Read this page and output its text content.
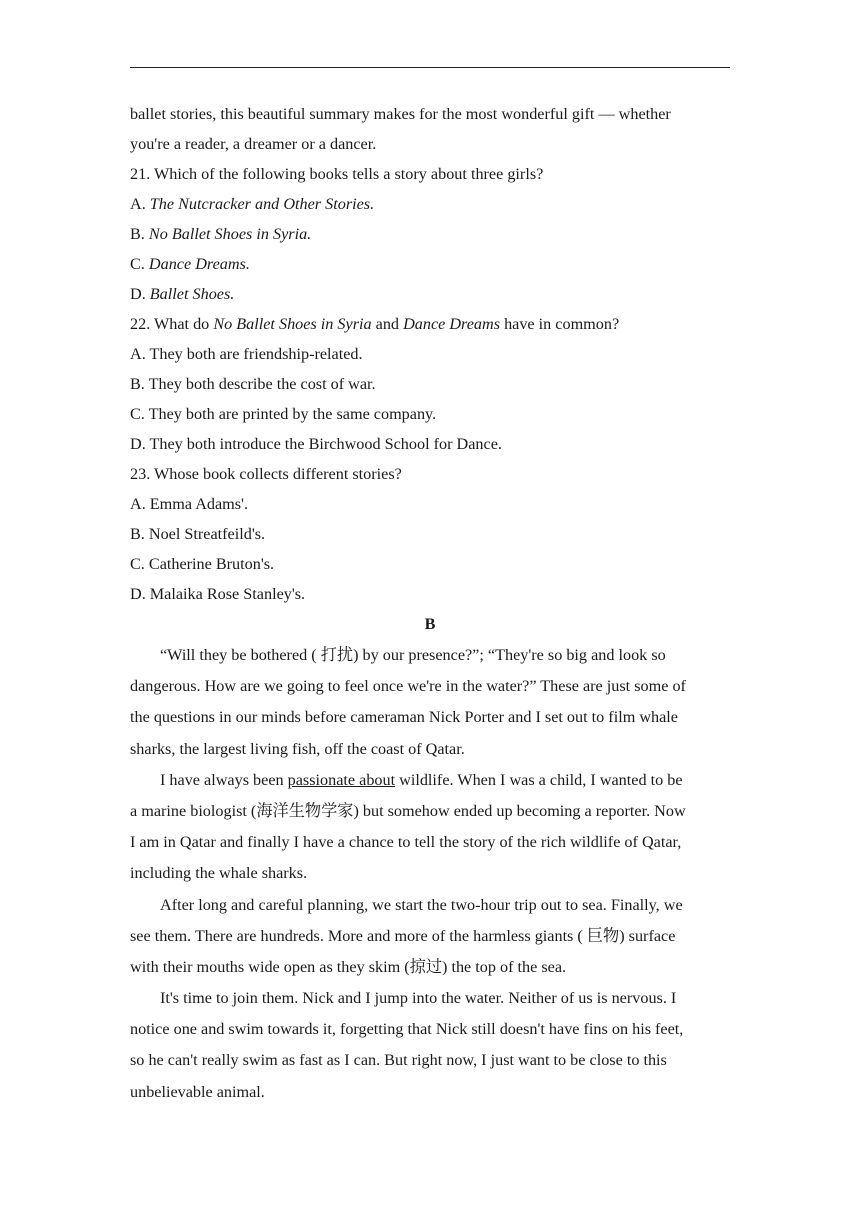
ballet stories, this beautiful summary makes for the most wonderful gift — whether
you're a reader, a dreamer or a dancer.
21. Which of the following books tells a story about three girls?
A. The Nutcracker and Other Stories.
B. No Ballet Shoes in Syria.
C. Dance Dreams.
D. Ballet Shoes.
22. What do No Ballet Shoes in Syria and Dance Dreams have in common?
A. They both are friendship-related.
B. They both describe the cost of war.
C. They both are printed by the same company.
D. They both introduce the Birchwood School for Dance.
23. Whose book collects different stories?
A. Emma Adams'.
B. Noel Streatfeild's.
C. Catherine Bruton's.
D. Malaika Rose Stanley's.
B
“Will they be bothered ( 打扰) by our presence?”; “They're so big and look so
dangerous. How are we going to feel once we're in the water?” These are just some of
the questions in our minds before cameraman Nick Porter and I set out to film whale
sharks, the largest living fish, off the coast of Qatar.
I have always been passionate about wildlife. When I was a child, I wanted to be
a marine biologist (海洋生物学家) but somehow ended up becoming a reporter. Now
I am in Qatar and finally I have a chance to tell the story of the rich wildlife of Qatar,
including the whale sharks.
After long and careful planning, we start the two-hour trip out to sea. Finally, we
see them. There are hundreds. More and more of the harmless giants ( 巨物) surface
with their mouths wide open as they skim (掠过) the top of the sea.
It's time to join them. Nick and I jump into the water. Neither of us is nervous. I
notice one and swim towards it, forgetting that Nick still doesn't have fins on his feet,
so he can't really swim as fast as I can. But right now, I just want to be close to this
unbelievable animal.
